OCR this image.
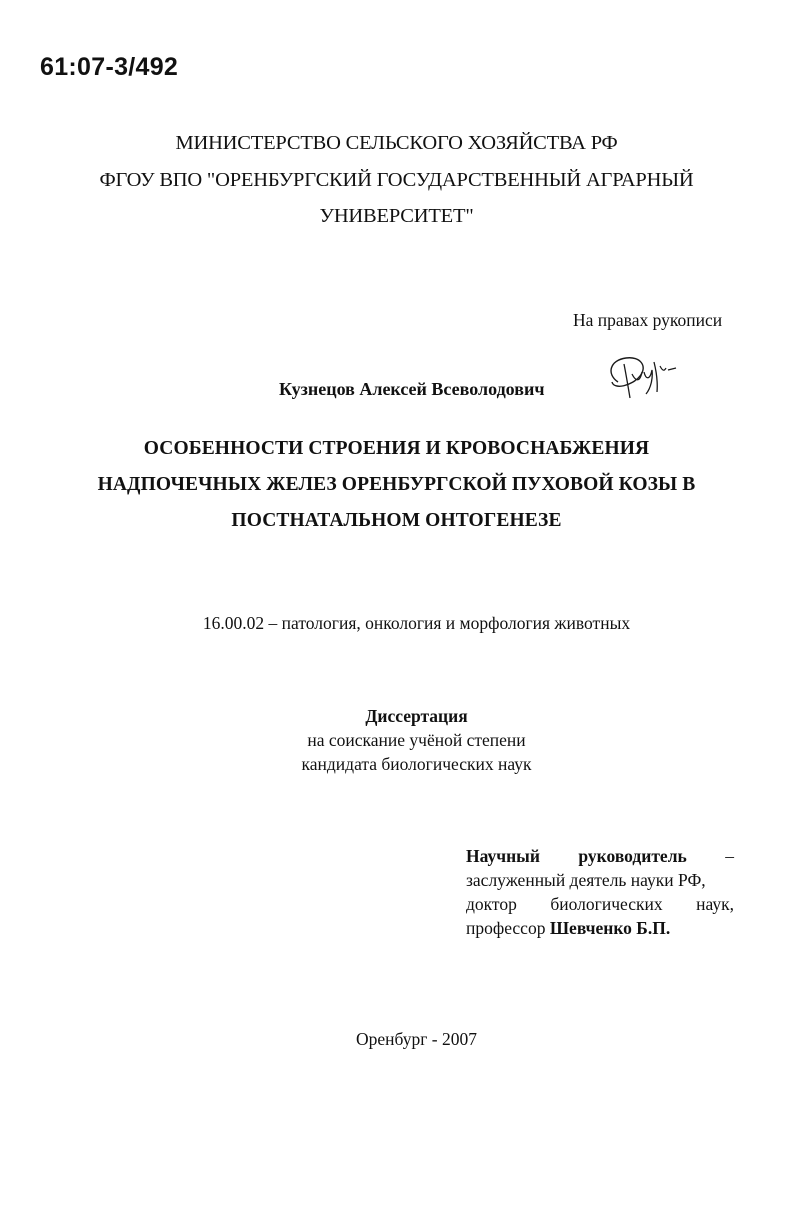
61:07-3/492
МИНИСТЕРСТВО СЕЛЬСКОГО ХОЗЯЙСТВА РФ
ФГОУ ВПО "ОРЕНБУРГСКИЙ ГОСУДАРСТВЕННЫЙ АГРАРНЫЙ
УНИВЕРСИТЕТ"
На правах рукописи
Кузнецов Алексей Всеволодович
ОСОБЕННОСТИ СТРОЕНИЯ И КРОВОСНАБЖЕНИЯ
НАДПОЧЕЧНЫХ ЖЕЛЕЗ ОРЕНБУРГСКОЙ ПУХОВОЙ КОЗЫ В
ПОСТНАТАЛЬНОМ ОНТОГЕНЕЗЕ
16.00.02 – патология, онкология и морфология животных
Диссертация
на соискание учёной степени
кандидата биологических наук
Научный руководитель –
заслуженный деятель науки РФ,
доктор биологических наук,
профессор Шевченко Б.П.
Оренбург - 2007
